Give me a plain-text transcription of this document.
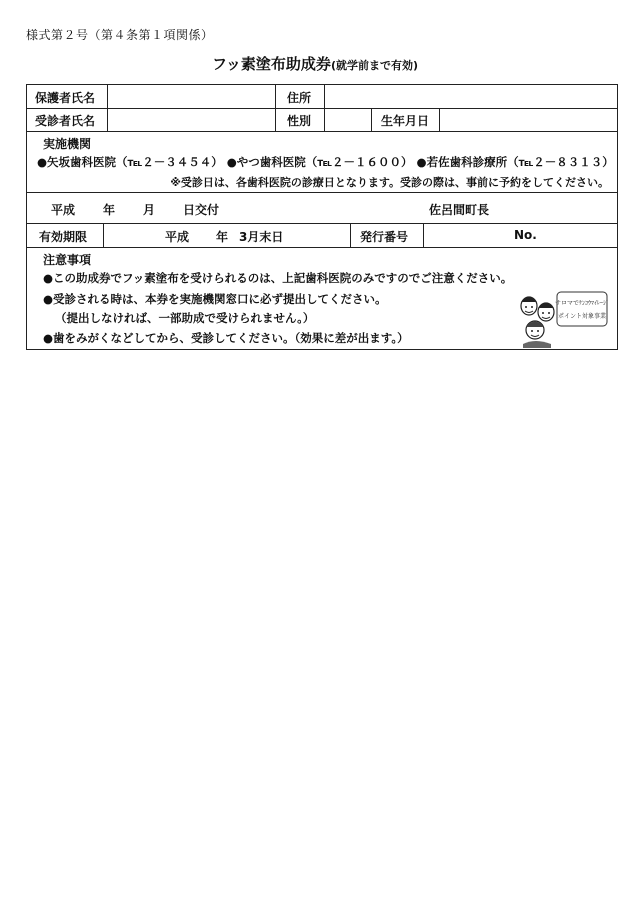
様式第２号（第４条第１項関係）
フッ素塗布助成券(就学前まで有効)
保護者氏名	住所
受診者氏名	性別	生年月日
実施機関
●矢坂歯科医院（℡２－３４５４） ●やつ歯科医院（℡２－１６００） ●若佐歯科診療所（℡２－８３１３）
※受診日は、各歯科医院の診療日となります。受診の際は、事前に予約をしてください。
平成 年 月 日交付	佐呂間町長
有効期限	平成 年 3月末日	発行番号	No.
注意事項
●この助成券でフッ素塗布を受けられるのは、上記歯科医院のみですのでご注意ください。
●受診される時は、本券を実施機関窓口に必ず提出してください。
（提出しなければ、一部助成で受けられません。）
●歯をみがくなどしてから、受診してください。（効果に差が出ます。）
サロマでｹﾝｺｳﾏｲﾚｰｼﾞ
ポイント対象事業
